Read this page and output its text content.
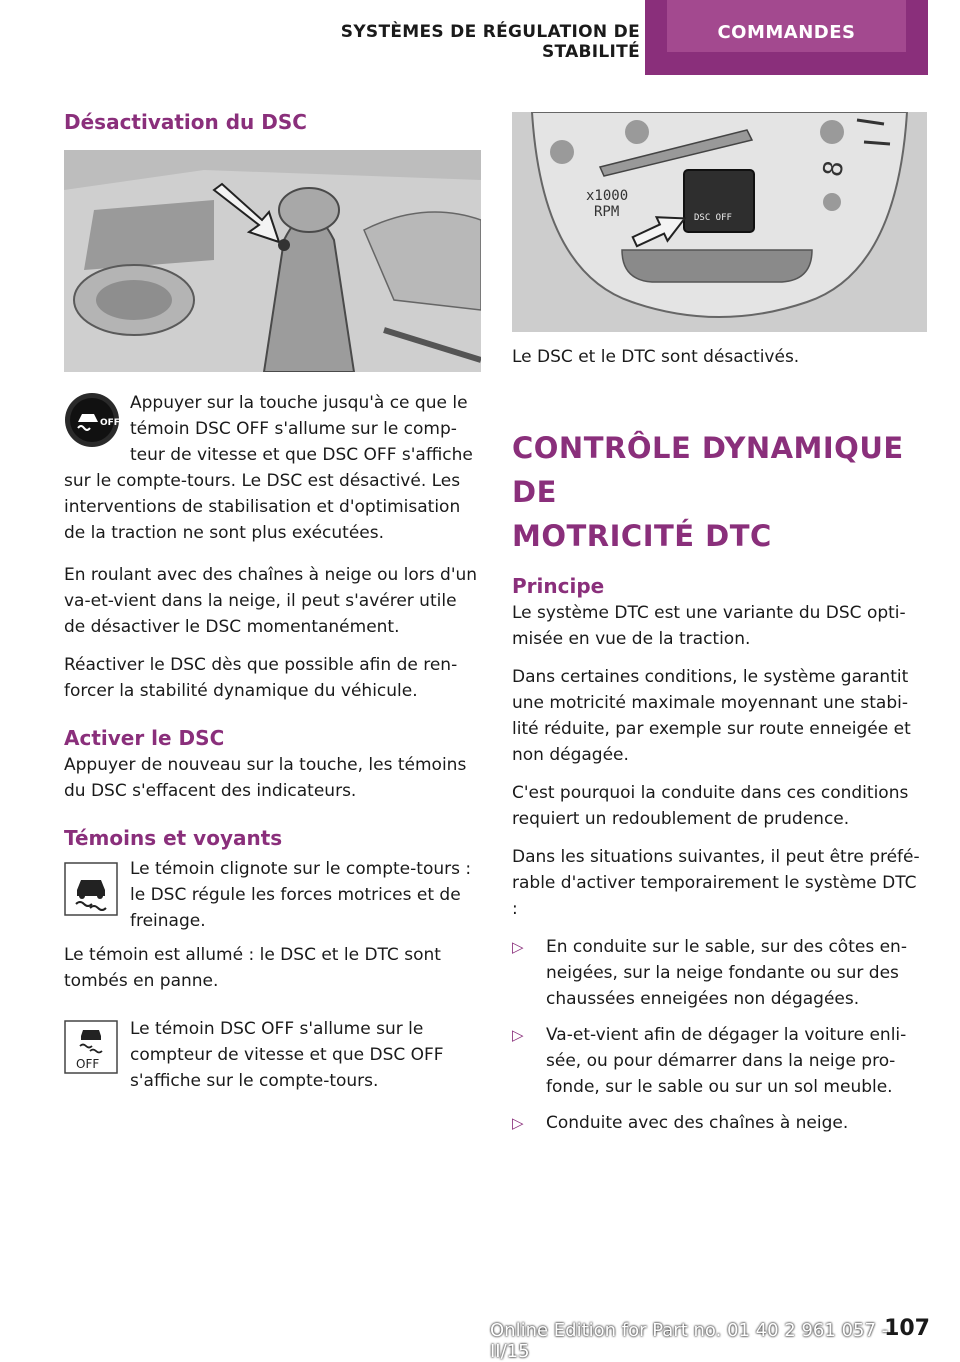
SYSTÈMES DE RÉGULATION DE STABILITÉ
COMMANDES
Désactivation du DSC
OFF
Appuyer sur la touche jusqu'à ce que le
témoin DSC OFF s'allume sur le comp‐
teur de vitesse et que DSC OFF s'affiche

sur le compte-tours. Le DSC est désactivé. Les interventions de stabilisation et d'optimisation de la traction ne sont plus exécutées.

En roulant avec des chaînes à neige ou lors d'un va-et-vient dans la neige, il peut s'avérer utile de désactiver le DSC momentanément.

Réactiver le DSC dès que possible afin de ren‐forcer la stabilité dynamique du véhicule.

Activer le DSC

Appuyer de nouveau sur la touche, les témoins du DSC s'effacent des indicateurs.

Témoins et voyants

Le témoin clignote sur le compte-tours : le DSC régule les forces motrices et de freinage.

Le témoin est allumé : le DSC et le DTC sont tombés en panne.

OFF

Le témoin DSC OFF s'allume sur le compteur de vitesse et que DSC OFF s'affiche sur le compte-tours.

8
x1000
RPM	DSC OFF

Le DSC et le DTC sont désactivés.

CONTRÔLE DYNAMIQUE DE
MOTRICITÉ DTC
Principe

Le système DTC est une variante du DSC opti‐misée en vue de la traction.

Dans certaines conditions, le système garantit une motricité maximale moyennant une stabi‐lité réduite, par exemple sur route enneigée et non dégagée.

C'est pourquoi la conduite dans ces conditions requiert un redoublement de prudence.

Dans les situations suivantes, il peut être préfé‐rable d'activer temporairement le système DTC :

▷ En conduite sur le sable, sur des côtes en‐neigées, sur la neige fondante ou sur des chaussées enneigées non dégagées.
▷ Va-et-vient afin de dégager la voiture enli‐sée, ou pour démarrer dans la neige pro‐fonde, sur le sable ou sur un sol meuble.
▷ Conduite avec des chaînes à neige.
107
Online Edition for Part no. 01 40 2 961 057 - II/15
